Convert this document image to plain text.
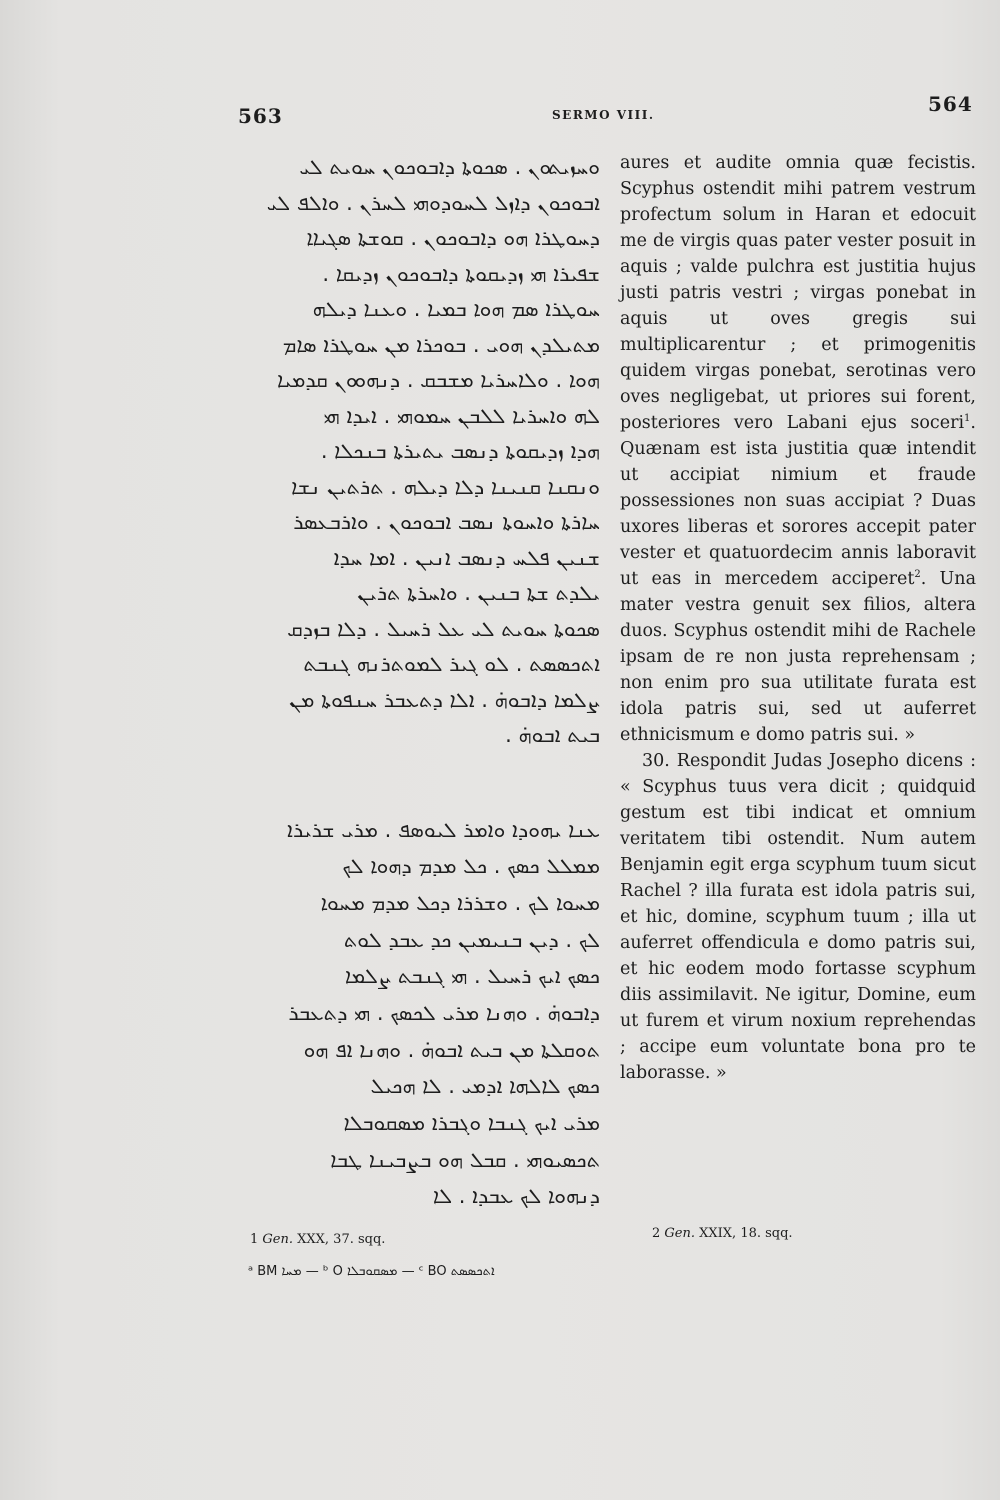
563	SERMO VIII.	564
ܘܚܙܝܬܘܢ . ܣܟܘܬܐ ܕܐܒܘܟܘܢ ܚܘܝܬ ܠܝ
ܐܒܘܟܘܢ ܕܐܙܠ ܠܚܘܕܘܗܝ ܠܚܪܢ . ܘܐܠܦ ܠܝ
ܕܚܘܛܪܐ ܗܘ ܕܐܒܘܟܘܢ . ܩܘܫܬܐ ܣܓܝܐܐ
ܫܦܝܪܐ ܗܝ ܙܕܝܩܘܬܐ ܕܐܒܘܟܘܢ ܙܕܝܩܐ .
ܚܘܛܪܐ ܣܡ ܗܘܐ ܒܡܝܐ . ܘܥܢܐ ܕܝܠܗ
ܡܬܝܠܕܢ ܗܘܝ . ܒܘܟܪܐ ܡܢ ܚܘܛܪܐ ܣܐܡ
ܗܘܐ . ܘܠܐܚܪܝܐ ܡܫܒܩ . ܕܢܗܘܘܢ ܩܕܡܝܐ
ܠܗ ܘܐܚܪܝܐ ܠܠܒܢ ܚܡܘܗܝ . ܐܝܕܐ ܗܝ
ܗܕܐ ܙܕܝܩܘܬܐ ܕܢܣܒ ܝܬܝܪܬܐ ܒܢܟܠܐ .
ܘܢܩܢܐ ܩܢܝܢܐ ܕܠܐ ܕܝܠܗ . ܬܪܬܝܢ ܢܫܐ
ܚܐܪܬܐ ܘܐܚܘܬܐ ܢܣܒ ܐܒܘܟܘܢ . ܘܐܪܒܥܣܪ
ܫܢܝܢ ܦܠܚ ܕܢܣܒ ܐܢܝܢ . ܐܡܐ ܚܕܐ
ܝܠܕܬ ܫܬܐ ܒܢܝܢ . ܘܐܚܪܬܐ ܬܪܝܢ
ܣܟܘܬܐ ܚܘܝܬ ܠܝ ܥܠ ܪܚܝܠ . ܕܠܐ ܒܙܕܩ
ܐܬܟܣܣܬ . ܠܘ ܓܝܪ ܠܡܘܬܪܢܗ ܓܢܒܬ
ܨܠܡܐ ܕܐܒܘܗ̇ . ܐܠܐ ܕܬܥܒܪ ܚܢܦܘܬܐ ܡܢ
ܒܝܬ ܐܒܘܗ̇ .
ܥܢܐ ܝܗܘܕܐ ܘܐܡܪ ܠܝܘܣܦ . ܡܪܝ ܫܪܝܪܐ
ܡܡܠܠ ܟܣܟ . ܟܠ ܡܕܡ ܕܗܘܐ ܠܟ
ܡܚܘܐ ܠܟ . ܘܫܪܪܐ ܕܟܠ ܡܕܡ ܡܚܘܐ
ܠܟ . ܕܝܢ ܒܢܝܡܝܢ ܟܕ ܥܒܕ ܠܘܬ
ܟܣܟ ܐܝܟ ܪܚܝܠ . ܗܝ ܓܢܒܬ ܨܠܡܐ
ܕܐܒܘܗ̇ . ܘܗܢܐ ܡܪܝ ܠܟܣܟ . ܗܝ ܕܬܥܒܪ
ܬܘܩܠܬܐ ܡܢ ܒܝܬ ܐܒܘܗ̇ . ܘܗܢܐ ܐܦ ܗܘ
ܟܣܟ ܠܐܠܗܐ ܐܕܡܝ . ܠܐ ܗܟܝܠ
ܡܪܝ ܐܝܟ ܓܢܒܐ ܘܓܒܪܐ ܡܣܩܘܒܠܐ
ܬܟܣܝܘܗܝ . ܩܒܠ ܗܘ ܒܨܒܝܢܐ ܛܒܐ
ܕܢܗܘܐ ܠܟ ܥܒܕܐ . ܠܐ
1 Gen. XXX, 37. sqq.
ᵃ BM ܡܚܐ — ᵇ O ܡܣܩܘܒܠܐ — ᶜ BO ܐܬܟܣܣܬ

aures et audite omnia quæ fecistis. Scyphus ostendit mihi patrem vestrum profectum solum in Haran et edocuit me de virgis quas pater vester posuit in aquis ; valde pulchra est justitia hujus justi patris vestri ; virgas ponebat in aquis ut oves gregis sui multiplicarentur ; et primogenitis quidem virgas ponebat, serotinas vero oves negligebat, ut priores sui forent, posteriores vero Labani ejus soceri$^1$. Quænam est ista justitia quæ intendit ut accipiat nimium et fraude possessiones non suas accipiat ? Duas uxores liberas et sorores accepit pater vester et quatuordecim annis laboravit ut eas in mercedem acciperet$^2$. Una mater vestra genuit sex filios, altera duos. Scyphus ostendit mihi de Rachele ipsam de re non justa reprehensam ; non enim pro sua utilitate furata est idola patris sui, sed ut auferret ethnicismum e domo patris sui. »

30. Respondit Judas Josepho dicens : « Scyphus tuus vera dicit ; quidquid gestum est tibi indicat et omnium veritatem tibi ostendit. Num autem Benjamin egit erga scyphum tuum sicut Rachel ? illa furata est idola patris sui, et hic, domine, scyphum tuum ; illa ut auferret offendicula e domo patris sui, et hic eodem modo fortasse scyphum diis assimilavit. Ne igitur, Domine, eum ut furem et virum noxium reprehendas ; accipe eum voluntate bona pro te laborasse. »

2 Gen. XXIX, 18. sqq.
